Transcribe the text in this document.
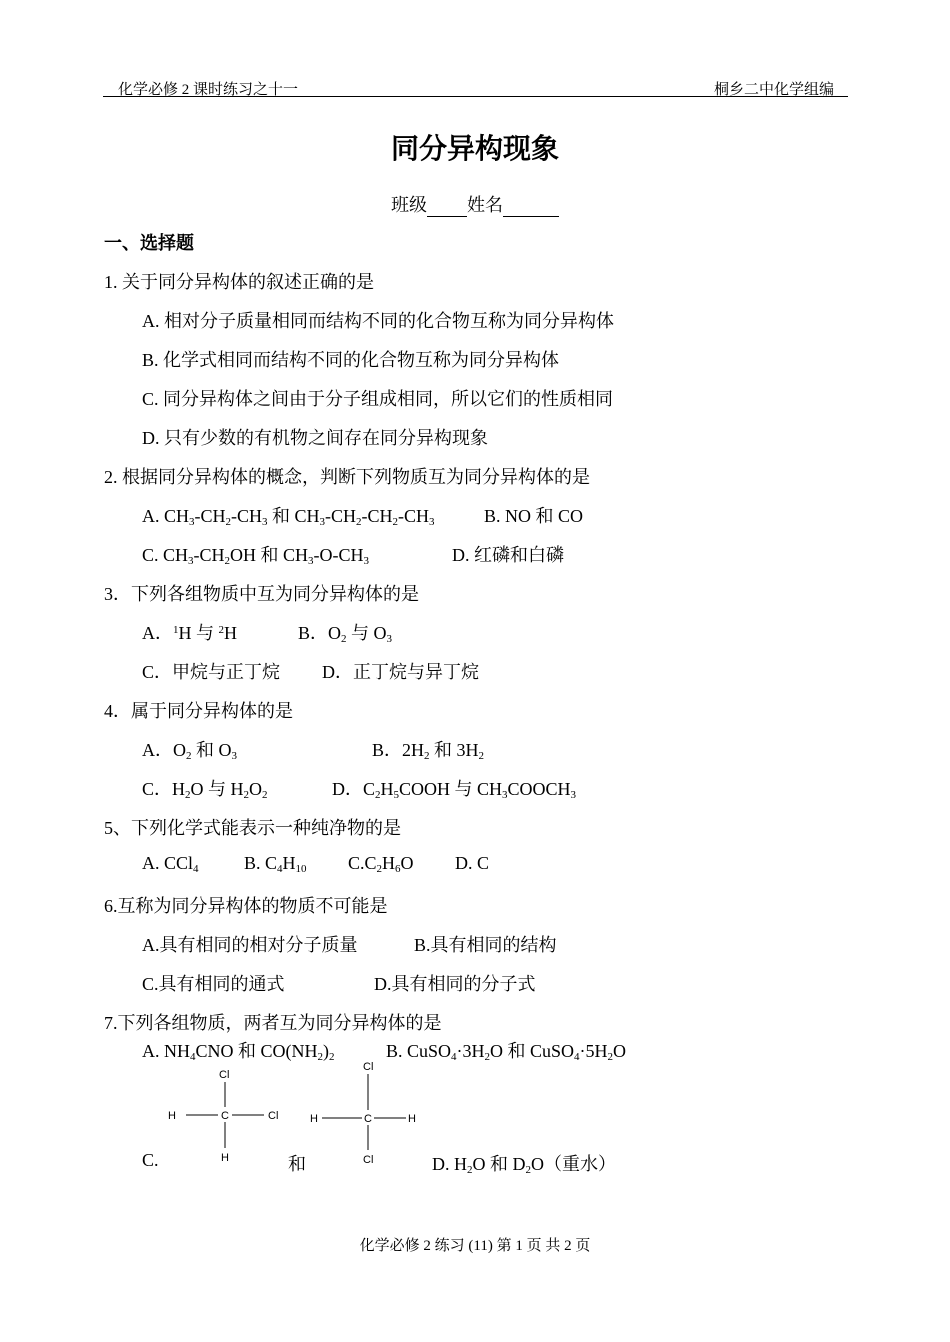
化学必修 2 课时练习之十一	桐乡二中化学组编
同分异构现象
班级 姓名
一、选择题
1. 关于同分异构体的叙述正确的是
A. 相对分子质量相同而结构不同的化合物互称为同分异构体
B. 化学式相同而结构不同的化合物互称为同分异构体
C. 同分异构体之间由于分子组成相同，所以它们的性质相同
D. 只有少数的有机物之间存在同分异构现象
2. 根据同分异构体的概念，判断下列物质互为同分异构体的是
A. $CH_3-CH_2-CH_3$ 和 $CH_3-CH_2-CH_2-CH_3$	B. NO 和 CO
C. $CH_3-CH_2OH$ 和 $CH_3-O-CH_3$	D. 红磷和白磷
3．下列各组物质中互为同分异构体的是
A．$^1$H 与 $^2$H	B．$O_2$ 与 $O_3$
C．甲烷与正丁烷 D．正丁烷与异丁烷
4．属于同分异构体的是
A．$O_2$ 和 $O_3$	B．$2H_2$ 和 $3H_2$
C．$H_2O$ 与 $H_2O_2$	D．$C_2H_5COOH$ 与 $CH_3COOCH_3$
5、下列化学式能表示一种纯净物的是
A. CCl$_4$	B. $C_4H_{10}$ $C.C_2H_6O$ D. C
6.互称为同分异构体的物质不可能是
A.具有相同的相对分子质量	B.具有相同的结构
C.具有相同的通式	D.具有相同的分子式
7.下列各组物质，两者互为同分异构体的是
A. $NH_4CNO$ 和 $CO(NH_2)_2$	B. $CuSO_4\cdot 3H_2O$ 和 $CuSO_4\cdot 5H_2O$
Cl
H	C	Cl
H
Cl
H	C	H
Cl
C.	和	D. $H_2O$ 和 $D_2O$（重水）
化学必修 2 练习 (11) 第 1 页 共 2 页
